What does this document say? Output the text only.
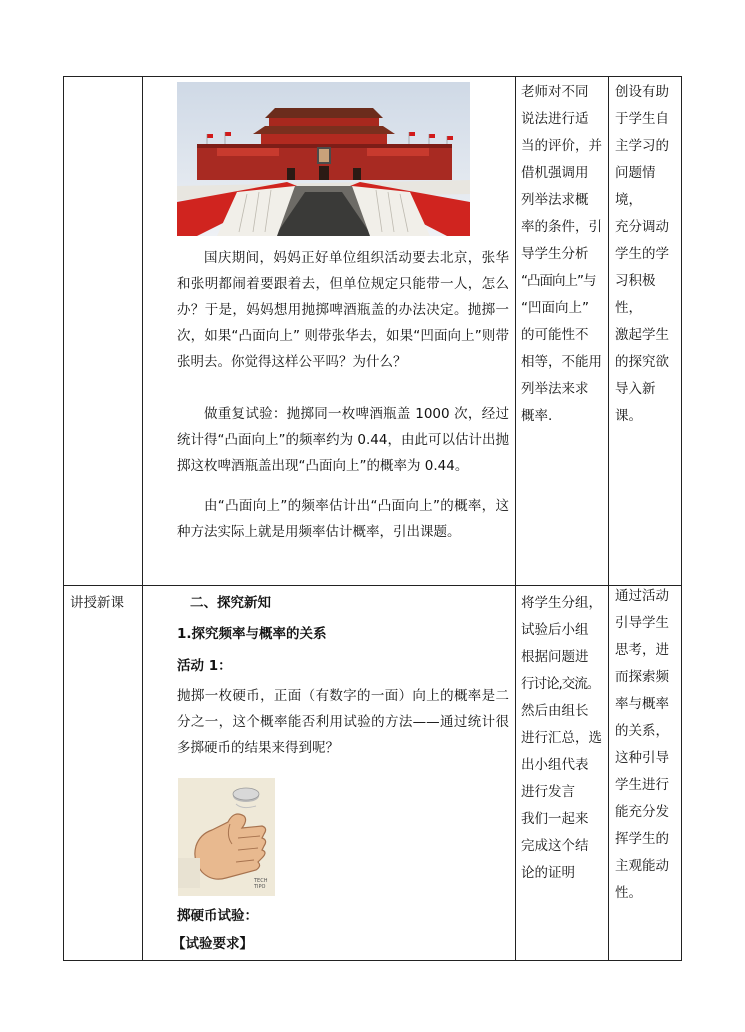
国庆期间，妈妈正好单位组织活动要去北京，张华和张明都闹着要跟着去，但单位规定只能带一人，怎么办？于是，妈妈想用抛掷啤酒瓶盖的办法决定。抛掷一次，如果“凸面向上” 则带张华去，如果“凹面向上”则带张明去。你觉得这样公平吗？为什么？
做重复试验：抛掷同一枚啤酒瓶盖 1000 次，经过统计得“凸面向上”的频率约为 0.44，由此可以估计出抛掷这枚啤酒瓶盖出现“凸面向上”的概率为 0.44。
由“凸面向上”的频率估计出“凸面向上”的概率，这种方法实际上就是用频率估计概率，引出课题。
老师对不同
说法进行适
当的评价，并
借机强调用
列举法求概
率的条件，引
导学生分析
“凸面向上”与
“凹面向上”
的可能性不
相等，不能用
列举法来求
概率.
创设有助
于学生自
主学习的
问题情境，
充分调动
学生的学
习积极性，
激起学生
的探究欲
导入新课。
讲授新课	二、探究新知
1.探究频率与概率的关系
活动 1：
抛掷一枚硬币，正面（有数字的一面）向上的概率是二分之一，这个概率能否利用试验的方法——通过统计很多掷硬币的结果来得到呢？
TECH
TIPO
掷硬币试验：
【试验要求】
将学生分组，
试验后小组
根据问题进
行讨论,交流。
然后由组长
进行汇总，选
出小组代表
进行发言
我们一起来
完成这个结
论的证明
通过活动
引导学生
思考，进
而探索频
率与概率
的关系，
这种引导
学生进行
能充分发
挥学生的
主观能动
性。
